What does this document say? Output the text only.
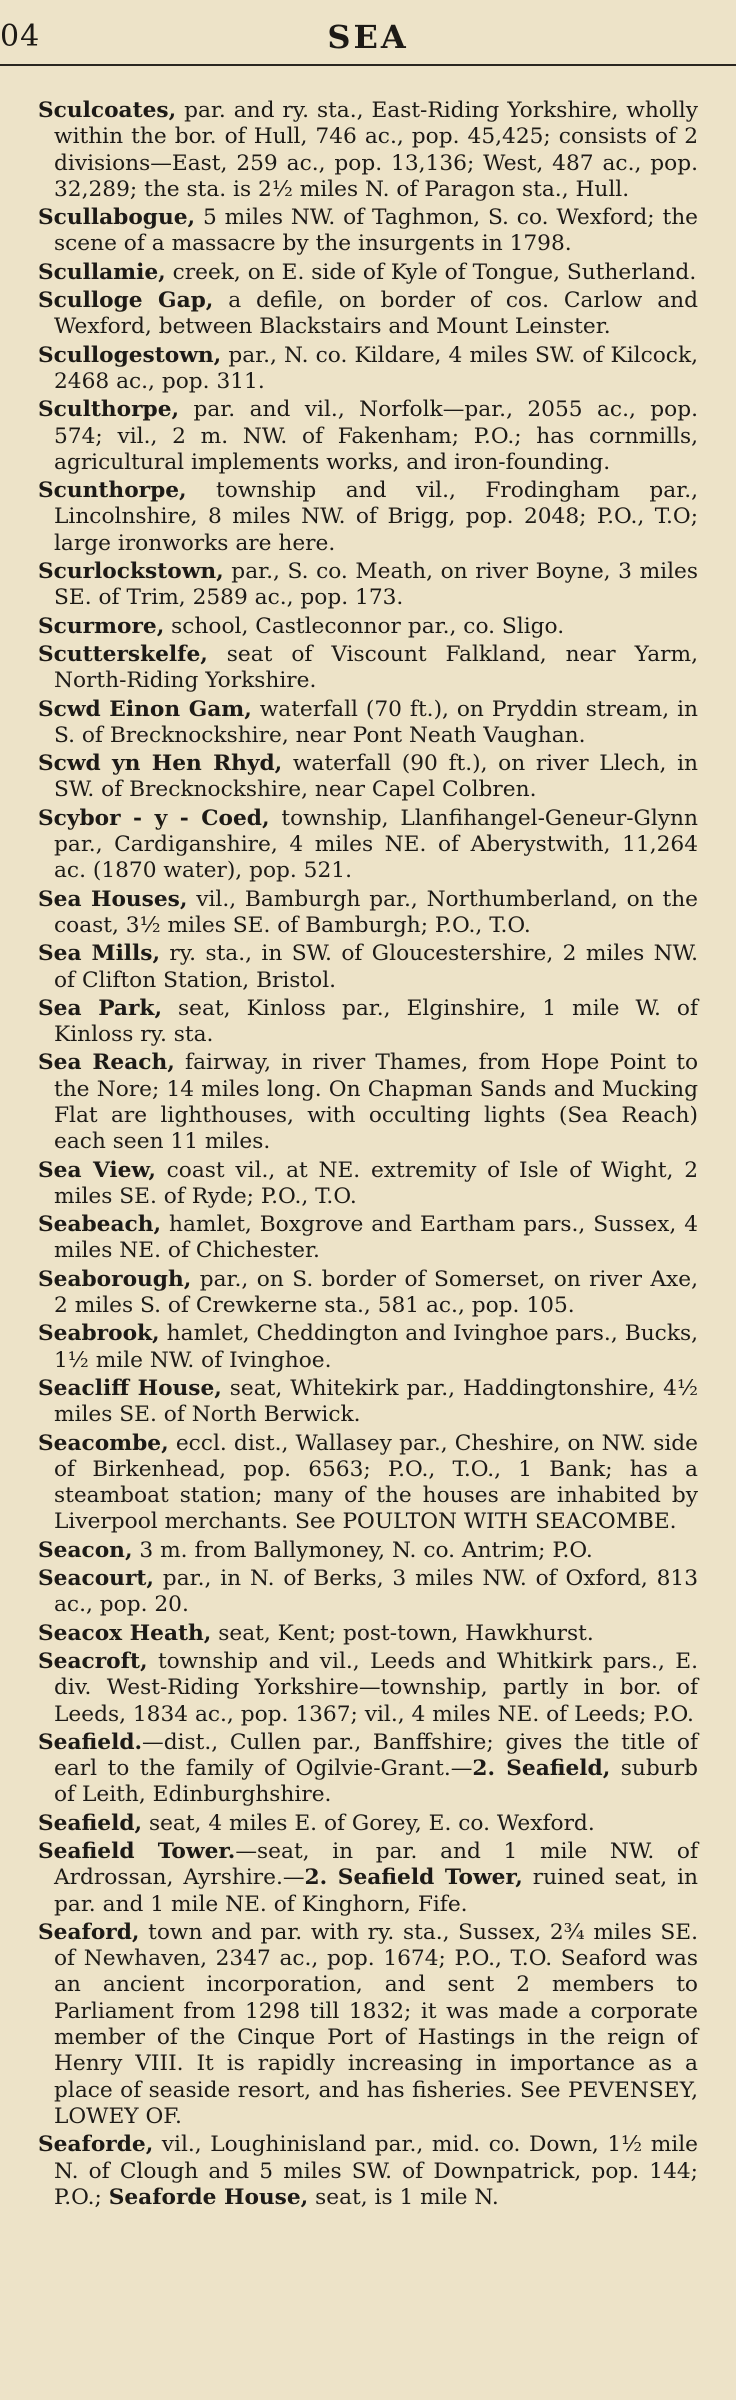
04	SEA

Sculcoates, par. and ry. sta., East-Riding Yorkshire, wholly within the bor. of Hull, 746 ac., pop. 45,425; consists of 2 divisions—East, 259 ac., pop. 13,136; West, 487 ac., pop. 32,289; the sta. is 2½ miles N. of Paragon sta., Hull.

Scullabogue, 5 miles NW. of Taghmon, S. co. Wexford; the scene of a massacre by the insurgents in 1798.

Scullamie, creek, on E. side of Kyle of Tongue, Sutherland.

Sculloge Gap, a defile, on border of cos. Carlow and Wexford, between Blackstairs and Mount Leinster.

Scullogestown, par., N. co. Kildare, 4 miles SW. of Kilcock, 2468 ac., pop. 311.

Sculthorpe, par. and vil., Norfolk—par., 2055 ac., pop. 574; vil., 2 m. NW. of Fakenham; P.O.; has cornmills, agricultural implements works, and iron-founding.

Scunthorpe, township and vil., Frodingham par., Lincolnshire, 8 miles NW. of Brigg, pop. 2048; P.O., T.O; large ironworks are here.

Scurlockstown, par., S. co. Meath, on river Boyne, 3 miles SE. of Trim, 2589 ac., pop. 173.

Scurmore, school, Castleconnor par., co. Sligo.

Scutterskelfe, seat of Viscount Falkland, near Yarm, North-Riding Yorkshire.

Scwd Einon Gam, waterfall (70 ft.), on Pryddin stream, in S. of Brecknockshire, near Pont Neath Vaughan.

Scwd yn Hen Rhyd, waterfall (90 ft.), on river Llech, in SW. of Brecknockshire, near Capel Colbren.

Scybor - y - Coed, township, Llanfihangel-Geneur-Glynn par., Cardiganshire, 4 miles NE. of Aberystwith, 11,264 ac. (1870 water), pop. 521.

Sea Houses, vil., Bamburgh par., Northumberland, on the coast, 3½ miles SE. of Bamburgh; P.O., T.O.

Sea Mills, ry. sta., in SW. of Gloucestershire, 2 miles NW. of Clifton Station, Bristol.

Sea Park, seat, Kinloss par., Elginshire, 1 mile W. of Kinloss ry. sta.

Sea Reach, fairway, in river Thames, from Hope Point to the Nore; 14 miles long. On Chapman Sands and Mucking Flat are lighthouses, with occulting lights (Sea Reach) each seen 11 miles.

Sea View, coast vil., at NE. extremity of Isle of Wight, 2 miles SE. of Ryde; P.O., T.O.

Seabeach, hamlet, Boxgrove and Eartham pars., Sussex, 4 miles NE. of Chichester.

Seaborough, par., on S. border of Somerset, on river Axe, 2 miles S. of Crewkerne sta., 581 ac., pop. 105.

Seabrook, hamlet, Cheddington and Ivinghoe pars., Bucks, 1½ mile NW. of Ivinghoe.

Seacliff House, seat, Whitekirk par., Haddingtonshire, 4½ miles SE. of North Berwick.

Seacombe, eccl. dist., Wallasey par., Cheshire, on NW. side of Birkenhead, pop. 6563; P.O., T.O., 1 Bank; has a steamboat station; many of the houses are inhabited by Liverpool merchants. See POULTON WITH SEACOMBE.

Seacon, 3 m. from Ballymoney, N. co. Antrim; P.O.

Seacourt, par., in N. of Berks, 3 miles NW. of Oxford, 813 ac., pop. 20.

Seacox Heath, seat, Kent; post-town, Hawkhurst.

Seacroft, township and vil., Leeds and Whitkirk pars., E. div. West-Riding Yorkshire—township, partly in bor. of Leeds, 1834 ac., pop. 1367; vil., 4 miles NE. of Leeds; P.O.

Seafield.—dist., Cullen par., Banffshire; gives the title of earl to the family of Ogilvie-Grant.—2. Seafield, suburb of Leith, Edinburghshire.

Seafield, seat, 4 miles E. of Gorey, E. co. Wexford.

Seafield Tower.—seat, in par. and 1 mile NW. of Ardrossan, Ayrshire.—2. Seafield Tower, ruined seat, in par. and 1 mile NE. of Kinghorn, Fife.

Seaford, town and par. with ry. sta., Sussex, 2¾ miles SE. of Newhaven, 2347 ac., pop. 1674; P.O., T.O. Seaford was an ancient incorporation, and sent 2 members to Parliament from 1298 till 1832; it was made a corporate member of the Cinque Port of Hastings in the reign of Henry VIII. It is rapidly increasing in importance as a place of seaside resort, and has fisheries. See PEVENSEY, LOWEY OF.

Seaforde, vil., Loughinisland par., mid. co. Down, 1½ mile N. of Clough and 5 miles SW. of Downpatrick, pop. 144; P.O.; Seaforde House, seat, is 1 mile N.
